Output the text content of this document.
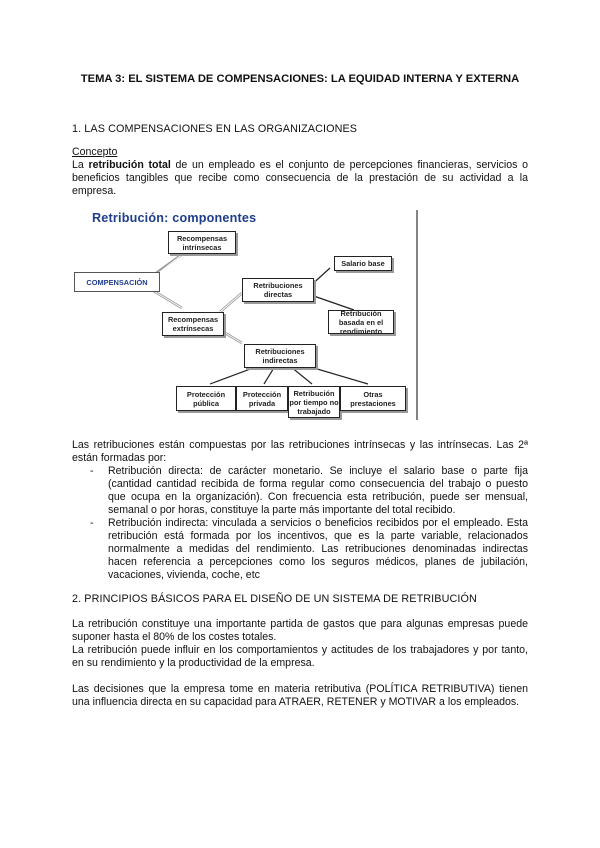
TEMA 3: EL SISTEMA DE COMPENSACIONES: LA EQUIDAD INTERNA Y EXTERNA
1. LAS COMPENSACIONES EN LAS ORGANIZACIONES
Concepto
La retribución total de un empleado es el conjunto de percepciones financieras, servicios o beneficios tangibles que recibe como consecuencia de la prestación de su actividad a la empresa.
Retribución: componentes
Recompensas intrínsecas
COMPENSACIÓN
Recompensas extrínsecas
Retribuciones directas
Salario base
Retribución basada en el rendimiento
Retribuciones indirectas
Protección pública
Protección privada
Retribución por tiempo no trabajado
Otras prestaciones
Las retribuciones están compuestas por las retribuciones intrínsecas y las intrínsecas. Las 2ª están formadas por:
- Retribución directa: de carácter monetario. Se incluye el salario base o parte fija (cantidad cantidad recibida de forma regular como consecuencia del trabajo o puesto que ocupa en la organización). Con frecuencia esta retribución, puede ser mensual, semanal o por horas, constituye la parte más importante del total recibido.
- Retribución indirecta: vinculada a servicios o beneficios recibidos por el empleado. Esta retribución está formada por los incentivos, que es la parte variable, relacionados normalmente a medidas del rendimiento. Las retribuciones denominadas indirectas hacen referencia a percepciones como los seguros médicos, planes de jubilación, vacaciones, vivienda, coche, etc
2. PRINCIPIOS BÁSICOS PARA EL DISEÑO DE UN SISTEMA DE RETRIBUCIÓN
La retribución constituye una importante partida de gastos que para algunas empresas puede suponer hasta el 80% de los costes totales.
La retribución puede influir en los comportamientos y actitudes de los trabajadores y por tanto, en su rendimiento y la productividad de la empresa.
Las decisiones que la empresa tome en materia retributiva (POLÍTICA RETRIBUTIVA) tienen una influencia directa en su capacidad para ATRAER, RETENER y MOTIVAR a los empleados.
